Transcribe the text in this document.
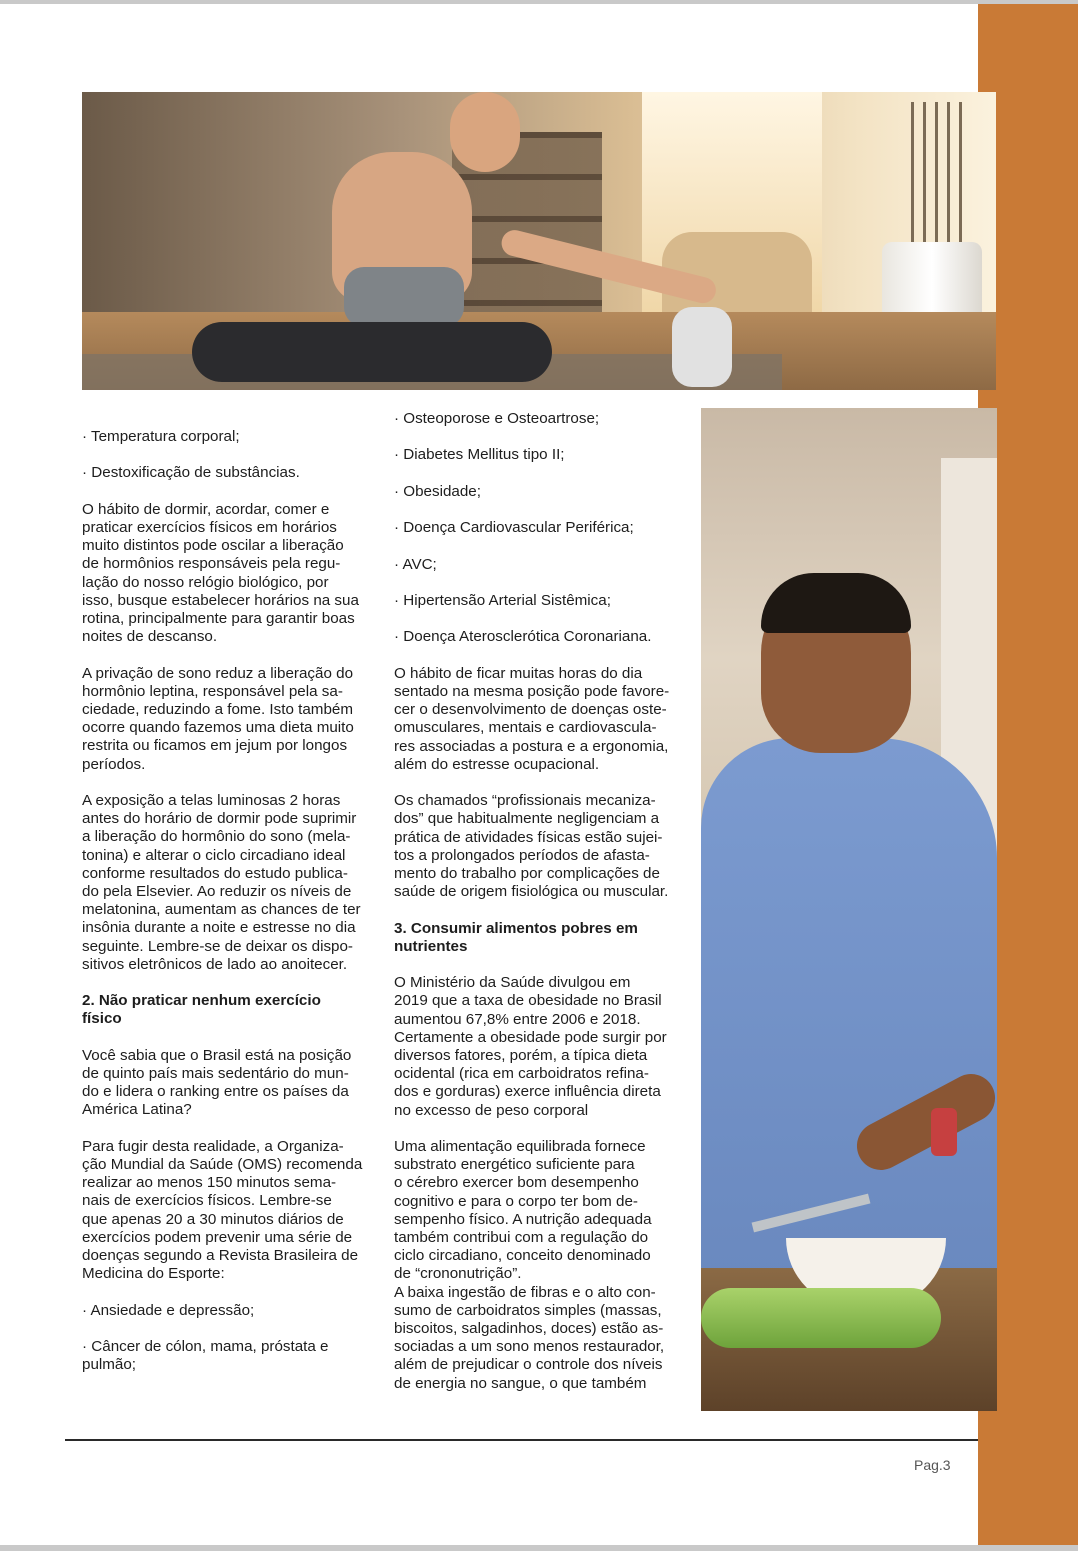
· Temperatura corporal;

· Destoxificação de substâncias.

O hábito de dormir, acordar, comer e
praticar exercícios físicos em horários
muito distintos pode oscilar a liberação
de hormônios responsáveis pela regu-
lação do nosso relógio biológico, por
isso, busque estabelecer horários na sua
rotina, principalmente para garantir boas
noites de descanso.

A privação de sono reduz a liberação do
hormônio leptina, responsável pela sa-
ciedade, reduzindo a fome. Isto também
ocorre quando fazemos uma dieta muito
restrita ou ficamos em jejum por longos
períodos.

A exposição a telas luminosas 2 horas
antes do horário de dormir pode suprimir
a liberação do hormônio do sono (mela-
tonina) e alterar o ciclo circadiano ideal
conforme resultados do estudo publica-
do pela Elsevier. Ao reduzir os níveis de
melatonina, aumentam as chances de ter
insônia durante a noite e estresse no dia
seguinte. Lembre-se de deixar os dispo-
sitivos eletrônicos de lado ao anoitecer.

2. Não praticar nenhum exercício
físico

Você sabia que o Brasil está na posição
de quinto país mais sedentário do mun-
do e lidera o ranking entre os países da
América Latina?

Para fugir desta realidade, a Organiza-
ção Mundial da Saúde (OMS) recomenda
realizar ao menos 150 minutos sema-
nais de exercícios físicos. Lembre-se
que apenas 20 a 30 minutos diários de
exercícios podem prevenir uma série de
doenças segundo a Revista Brasileira de
Medicina do Esporte:

· Ansiedade e depressão;

· Câncer de cólon, mama, próstata e
pulmão;

· Osteoporose e Osteoartrose;

· Diabetes Mellitus tipo II;

· Obesidade;

· Doença Cardiovascular Periférica;

· AVC;

· Hipertensão Arterial Sistêmica;

· Doença Aterosclerótica Coronariana.

O hábito de ficar muitas horas do dia
sentado na mesma posição pode favore-
cer o desenvolvimento de doenças oste-
omusculares, mentais e cardiovascula-
res associadas a postura e a ergonomia,
além do estresse ocupacional.

Os chamados “profissionais mecaniza-
dos” que habitualmente negligenciam a
prática de atividades físicas estão sujei-
tos a prolongados períodos de afasta-
mento do trabalho por complicações de
saúde de origem fisiológica ou muscular.

3. Consumir alimentos pobres em
nutrientes

O Ministério da Saúde divulgou em
2019 que a taxa de obesidade no Brasil
aumentou 67,8% entre 2006 e 2018.
Certamente a obesidade pode surgir por
diversos fatores, porém, a típica dieta
ocidental (rica em carboidratos refina-
dos e gorduras) exerce influência direta
no excesso de peso corporal

Uma alimentação equilibrada fornece
substrato energético suficiente para
o cérebro exercer bom desempenho
cognitivo e para o corpo ter bom de-
sempenho físico. A nutrição adequada
também contribui com a regulação do
ciclo circadiano, conceito denominado
de “crononutrição”.

A baixa ingestão de fibras e o alto con-
sumo de carboidratos simples (massas,
biscoitos, salgadinhos, doces) estão as-
sociadas a um sono menos restaurador,
além de prejudicar o controle dos níveis
de energia no sangue, o que também

Pag.3
